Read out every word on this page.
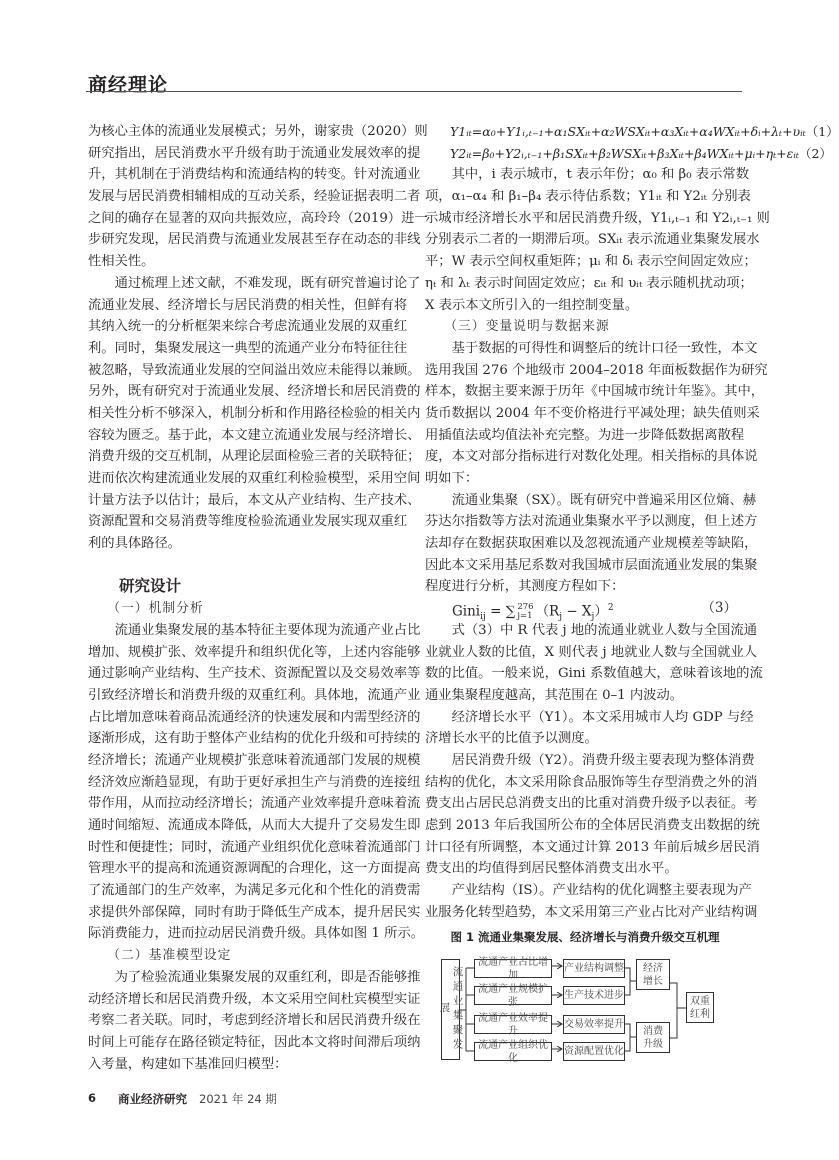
商经理论
为核心主体的流通业发展模式；另外，谢家贵（2020）则
研究指出，居民消费水平升级有助于流通业发展效率的提
升，其机制在于消费结构和流通结构的转变。针对流通业
发展与居民消费相辅相成的互动关系，经验证据表明二者
之间的确存在显著的双向共振效应，高玲玲（2019）进一
步研究发现，居民消费与流通业发展甚至存在动态的非线
性相关性。
通过梳理上述文献，不难发现，既有研究普遍讨论了
流通业发展、经济增长与居民消费的相关性，但鲜有将
其纳入统一的分析框架来综合考虑流通业发展的双重红
利。同时，集聚发展这一典型的流通产业分布特征往往
被忽略，导致流通业发展的空间溢出效应未能得以兼顾。
另外，既有研究对于流通业发展、经济增长和居民消费的
相关性分析不够深入，机制分析和作用路径检验的相关内
容较为匮乏。基于此，本文建立流通业发展与经济增长、
消费升级的交互机制，从理论层面检验三者的关联特征；
进而依次构建流通业发展的双重红利检验模型，采用空间
计量方法予以估计；最后，本文从产业结构、生产技术、
资源配置和交易消费等维度检验流通业发展实现双重红
利的具体路径。
研究设计
（一）机制分析
流通业集聚发展的基本特征主要体现为流通产业占比
增加、规模扩张、效率提升和组织优化等，上述内容能够
通过影响产业结构、生产技术、资源配置以及交易效率等
引致经济增长和消费升级的双重红利。具体地，流通产业
占比增加意味着商品流通经济的快速发展和内需型经济的
逐渐形成，这有助于整体产业结构的优化升级和可持续的
经济增长；流通产业规模扩张意味着流通部门发展的规模
经济效应渐趋显现，有助于更好承担生产与消费的连接纽
带作用，从而拉动经济增长；流通产业效率提升意味着流
通时间缩短、流通成本降低，从而大大提升了交易发生即
时性和便捷性；同时，流通产业组织优化意味着流通部门
管理水平的提高和流通资源调配的合理化，这一方面提高
了流通部门的生产效率，为满足多元化和个性化的消费需
求提供外部保障，同时有助于降低生产成本，提升居民实
际消费能力，进而拉动居民消费升级。具体如图 1 所示。
（二）基准模型设定
为了检验流通业集聚发展的双重红利，即是否能够推
动经济增长和居民消费升级，本文采用空间杜宾模型实证
考察二者关联。同时，考虑到经济增长和居民消费升级在
时间上可能存在路径锁定特征，因此本文将时间滞后项纳
入考量，构建如下基准回归模型：
Y1ᵢₜ=α₀+Y1ᵢ,ₜ₋₁+α₁SXᵢₜ+α₂WSXᵢₜ+α₃Xᵢₜ+α₄WXᵢₜ+δᵢ+λₜ+υᵢₜ （1）
Y2ᵢₜ=β₀+Y2ᵢ,ₜ₋₁+β₁SXᵢₜ+β₂WSXᵢₜ+β₃Xᵢₜ+β₄WXᵢₜ+μᵢ+ηₜ+εᵢₜ （2）
其中，i 表示城市，t 表示年份；α₀ 和 β₀ 表示常数
项，α₁–α₄ 和 β₁–β₄ 表示待估系数；Y1ᵢₜ 和 Y2ᵢₜ 分别表
示城市经济增长水平和居民消费升级，Y1ᵢ,ₜ₋₁ 和 Y2ᵢ,ₜ₋₁ 则
分别表示二者的一期滞后项。SXᵢₜ 表示流通业集聚发展水
平；W 表示空间权重矩阵；μᵢ 和 δᵢ 表示空间固定效应；
ηₜ 和 λₜ 表示时间固定效应；εᵢₜ 和 υᵢₜ 表示随机扰动项；
X 表示本文所引入的一组控制变量。
（三）变量说明与数据来源
基于数据的可得性和调整后的统计口径一致性，本文
选用我国 276 个地级市 2004–2018 年面板数据作为研究
样本，数据主要来源于历年《中国城市统计年鉴》。其中，
货币数据以 2004 年不变价格进行平减处理；缺失值则采
用插值法或均值法补充完整。为进一步降低数据离散程
度，本文对部分指标进行对数化处理。相关指标的具体说
明如下：
流通业集聚（SX）。既有研究中普遍采用区位熵、赫
芬达尔指数等方法对流通业集聚水平予以测度，但上述方
法却存在数据获取困难以及忽视流通产业规模差等缺陷，
因此本文采用基尼系数对我国城市层面流通业发展的集聚
程度进行分析，其测度方程如下：
Gini$_{ij}$ = ∑ 276
j=1 $(R_j - X_j)^2$	（3）
式（3）中 R 代表 j 地的流通业就业人数与全国流通
业就业人数的比值，X 则代表 j 地就业人数与全国就业人
数的比值。一般来说，Gini 系数值越大，意味着该地的流
通业集聚程度越高，其范围在 0–1 内波动。
经济增长水平（Y1）。本文采用城市人均 GDP 与经
济增长水平的比值予以测度。
居民消费升级（Y2）。消费升级主要表现为整体消费
结构的优化，本文采用除食品服饰等生存型消费之外的消
费支出占居民总消费支出的比重对消费升级予以表征。考
虑到 2013 年后我国所公布的全体居民消费支出数据的统
计口径有所调整，本文通过计算 2013 年前后城乡居民消
费支出的均值得到居民整体消费支出水平。
产业结构（IS）。产业结构的优化调整主要表现为产
业服务化转型趋势，本文采用第三产业占比对产业结构调
图 1 流通业集聚发展、经济增长与消费升级交互机理
流通业集聚发展
流通产业占比增加
流通产业规模扩张
流通产业效率提升
流通产业组织优化
产业结构调整
生产技术进步
交易效率提升
资源配置优化
经济增长
消费升级
双重红利
6	商业经济研究 2021 年 24 期
